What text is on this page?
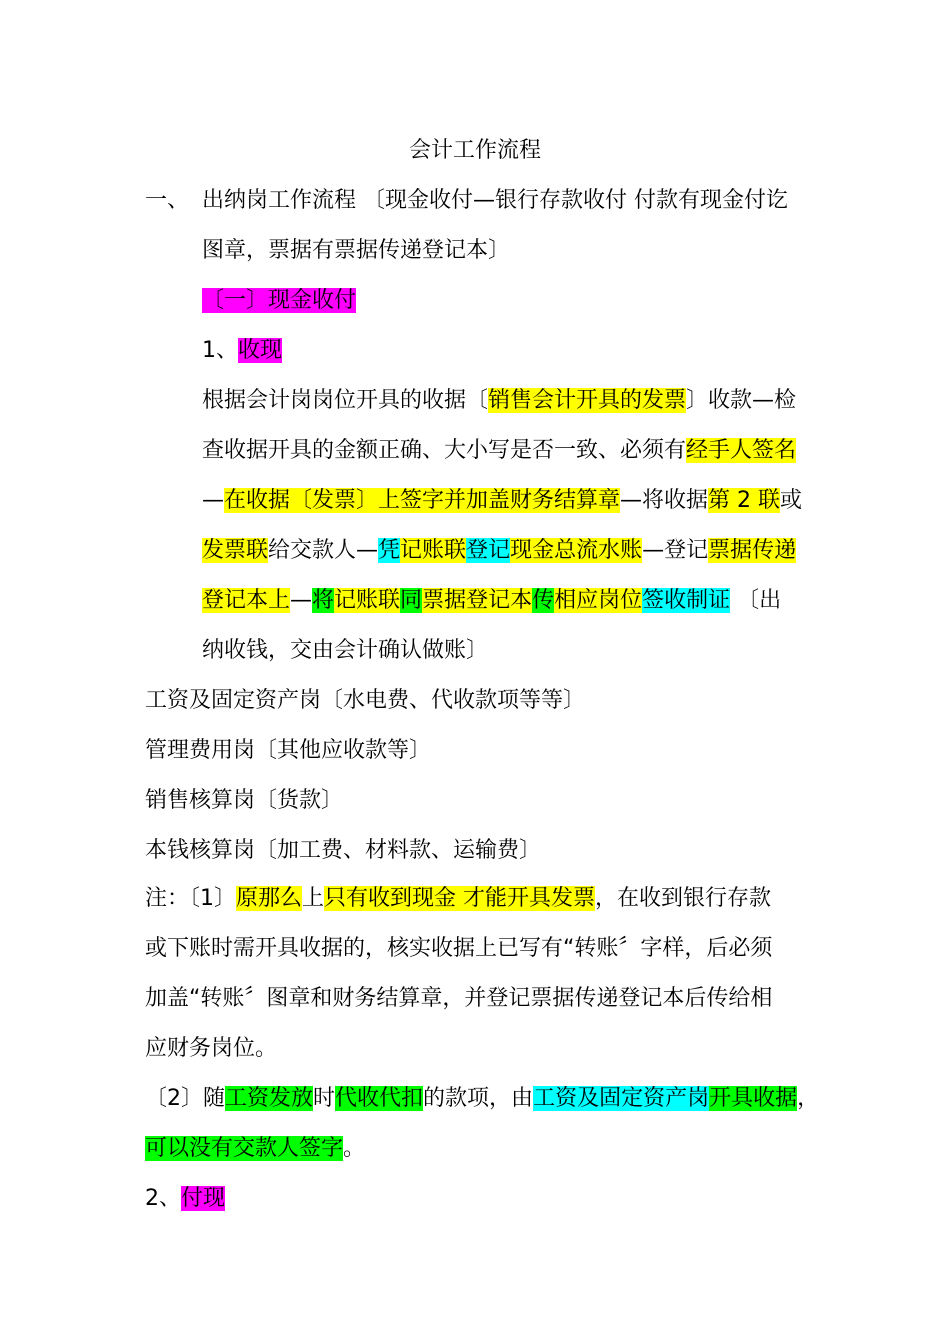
会计工作流程
一、 出纳岗工作流程 〔现金收付—银行存款收付 付款有现金付讫
图章，票据有票据传递登记本〕
〔一〕现金收付
1、收现
根据会计岗岗位开具的收据〔销售会计开具的发票〕收款—检
查收据开具的金额正确、大小写是否一致、必须有经手人签名
—在收据〔发票〕上签字并加盖财务结算章—将收据第 2 联或
发票联给交款人—凭记账联登记现金总流水账—登记票据传递
登记本上—将记账联同票据登记本传相应岗位签收制证 〔出
纳收钱，交由会计确认做账〕
工资及固定资产岗〔水电费、代收款项等等〕
管理费用岗〔其他应收款等〕
销售核算岗〔货款〕
本钱核算岗〔加工费、材料款、运输费〕
注：〔1〕原那么上只有收到现金 才能开具发票，在收到银行存款
或下账时需开具收据的，核实收据上已写有“转账〞字样，后必须
加盖“转账〞图章和财务结算章，并登记票据传递登记本后传给相
应财务岗位。
〔2〕随工资发放时代收代扣的款项，由工资及固定资产岗开具收据，
可以没有交款人签字。
2、付现
